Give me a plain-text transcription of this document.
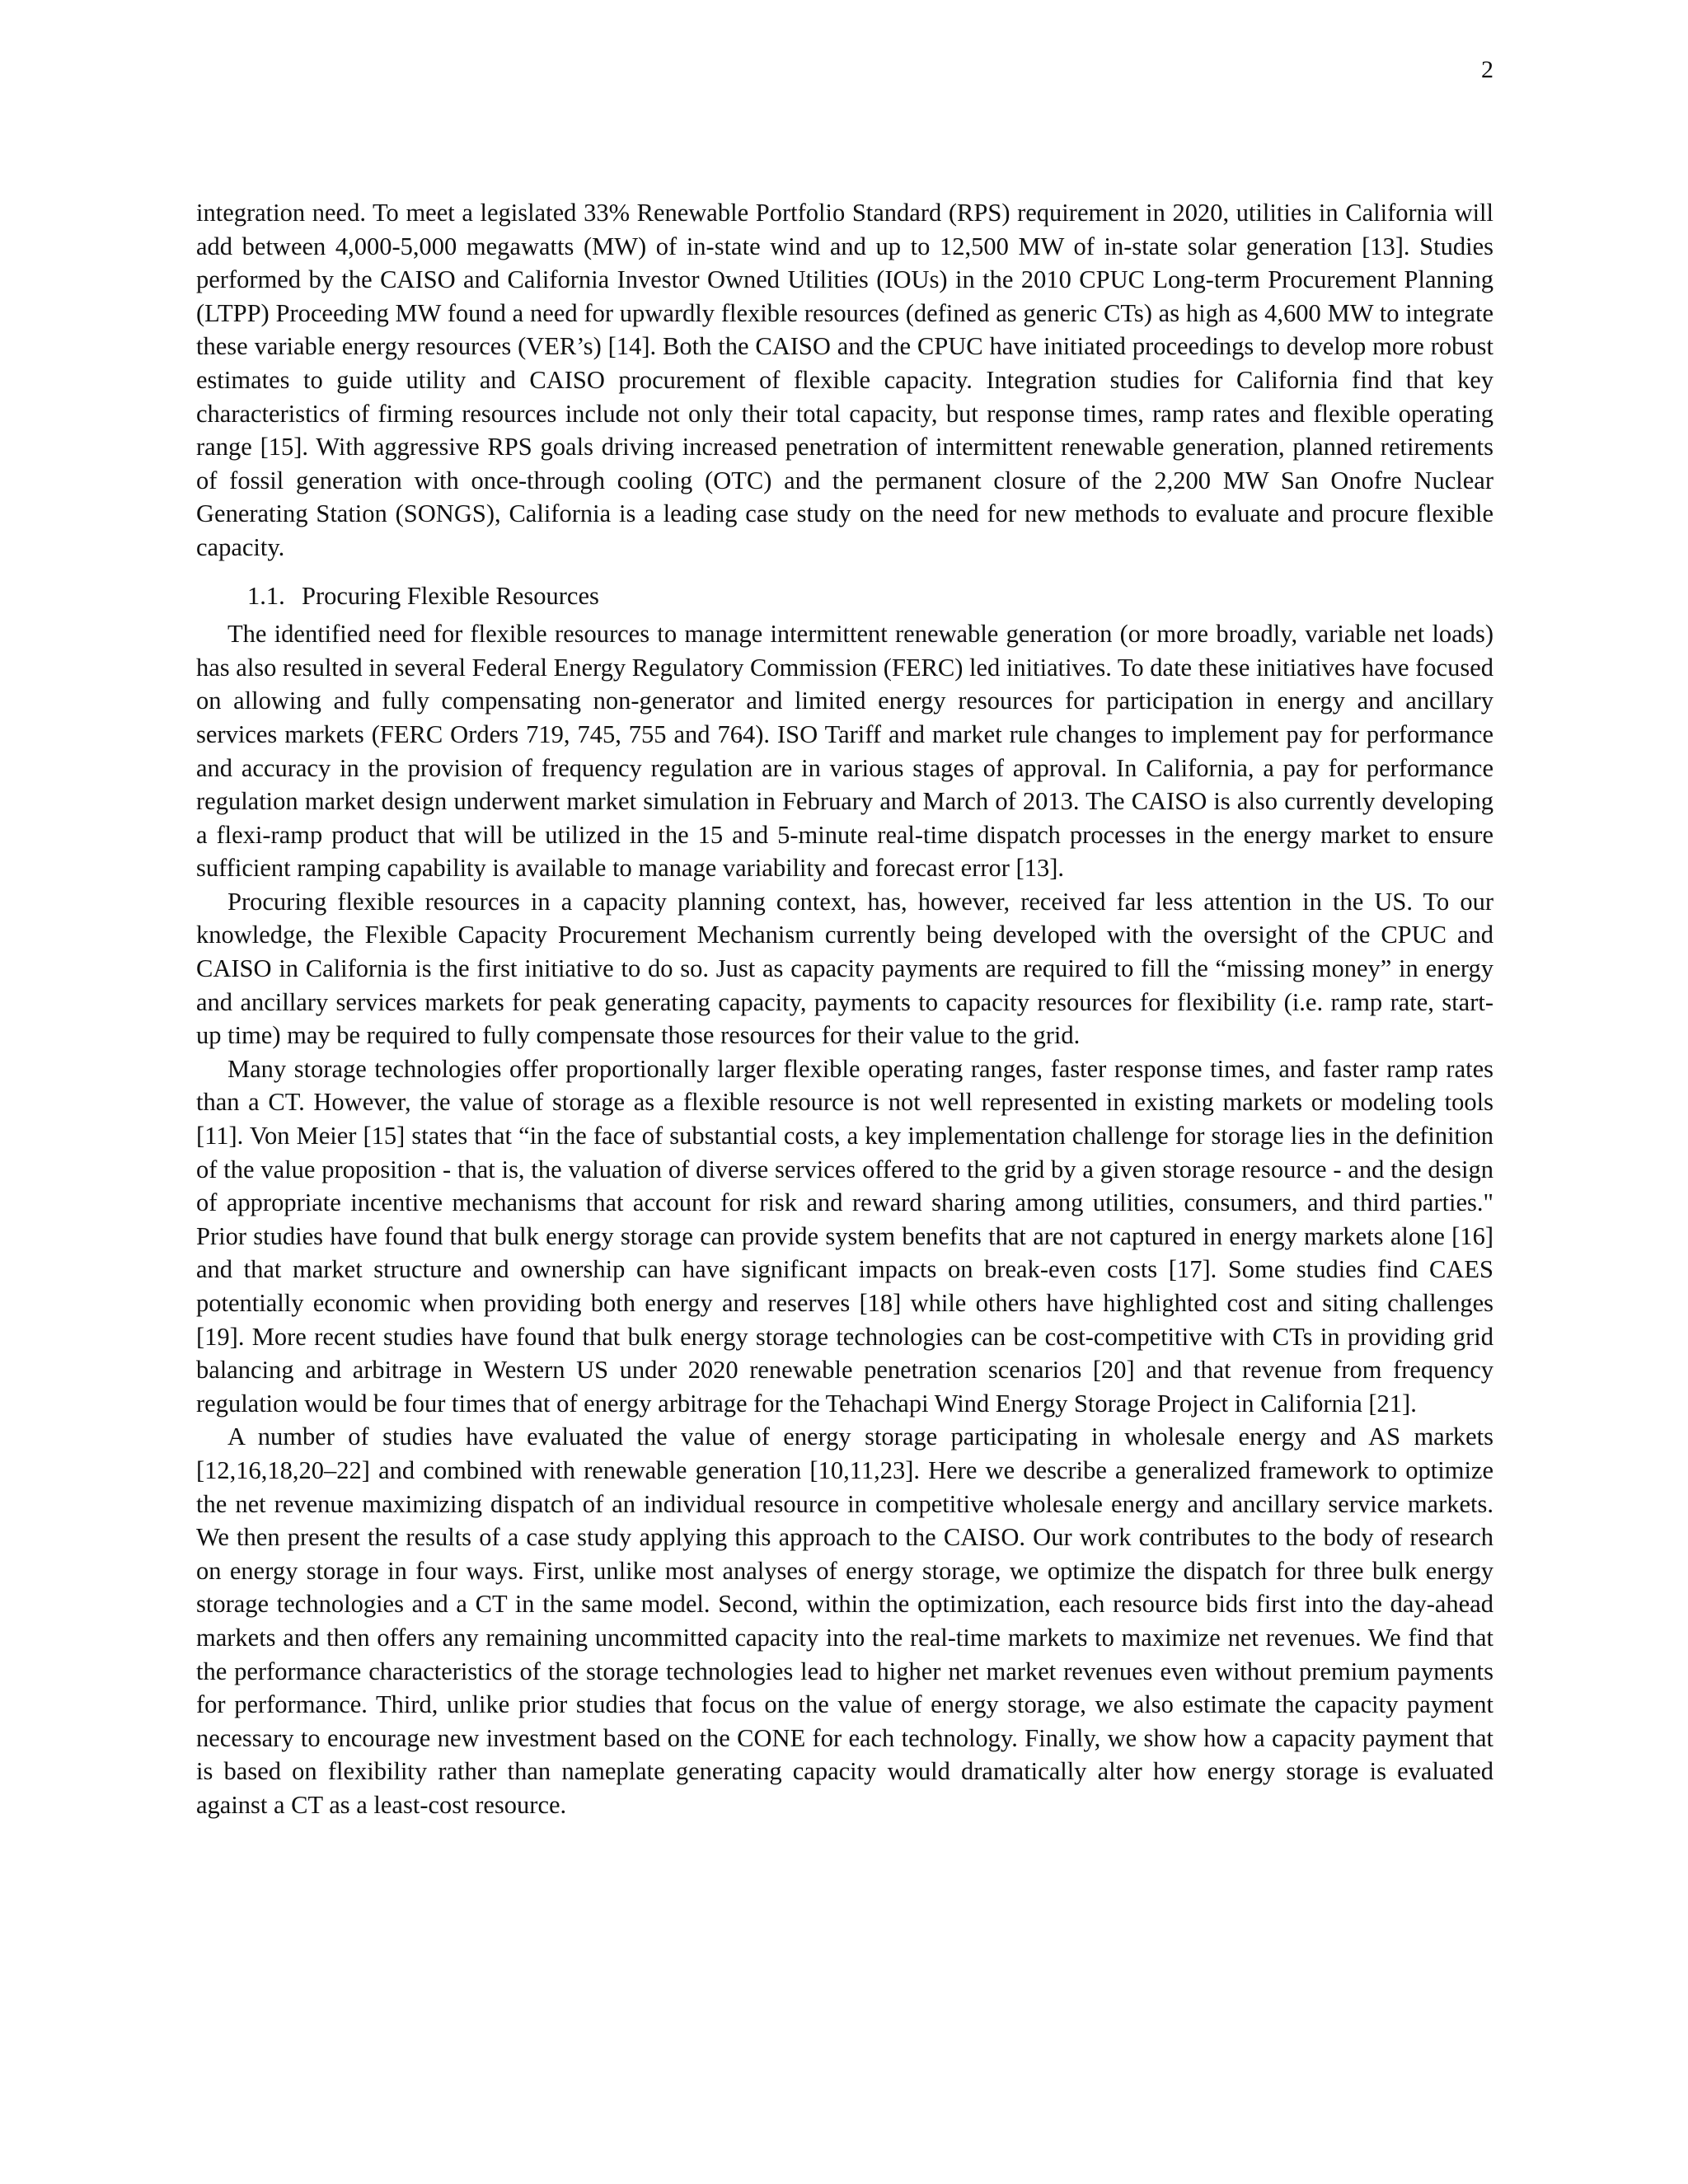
2

integration need. To meet a legislated 33% Renewable Portfolio Standard (RPS) requirement in 2020, utilities in California will add between 4,000-5,000 megawatts (MW) of in-state wind and up to 12,500 MW of in-state solar generation [13]. Studies performed by the CAISO and California Investor Owned Utilities (IOUs) in the 2010 CPUC Long-term Procurement Planning (LTPP) Proceeding MW found a need for upwardly flexible resources (defined as generic CTs) as high as 4,600 MW to integrate these variable energy resources (VER’s) [14]. Both the CAISO and the CPUC have initiated proceedings to develop more robust estimates to guide utility and CAISO procurement of flexible capacity. Integration studies for California find that key characteristics of firming resources include not only their total capacity, but response times, ramp rates and flexible operating range [15]. With aggressive RPS goals driving increased penetration of intermittent renewable generation, planned retirements of fossil generation with once-through cooling (OTC) and the permanent closure of the 2,200 MW San Onofre Nuclear Generating Station (SONGS), California is a leading case study on the need for new methods to evaluate and procure flexible capacity.

1.1. Procuring Flexible Resources

The identified need for flexible resources to manage intermittent renewable generation (or more broadly, variable net loads) has also resulted in several Federal Energy Regulatory Commission (FERC) led initiatives. To date these initiatives have focused on allowing and fully compensating non-generator and limited energy resources for participation in energy and ancillary services markets (FERC Orders 719, 745, 755 and 764). ISO Tariff and market rule changes to implement pay for performance and accuracy in the provision of frequency regulation are in various stages of approval. In California, a pay for performance regulation market design underwent market simulation in February and March of 2013. The CAISO is also currently developing a flexi-ramp product that will be utilized in the 15 and 5-minute real-time dispatch processes in the energy market to ensure sufficient ramping capability is available to manage variability and forecast error [13].

Procuring flexible resources in a capacity planning context, has, however, received far less attention in the US. To our knowledge, the Flexible Capacity Procurement Mechanism currently being developed with the oversight of the CPUC and CAISO in California is the first initiative to do so. Just as capacity payments are required to fill the “missing money” in energy and ancillary services markets for peak generating capacity, payments to capacity resources for flexibility (i.e. ramp rate, start-up time) may be required to fully compensate those resources for their value to the grid.

Many storage technologies offer proportionally larger flexible operating ranges, faster response times, and faster ramp rates than a CT. However, the value of storage as a flexible resource is not well represented in existing markets or modeling tools [11]. Von Meier [15] states that “in the face of substantial costs, a key implementation challenge for storage lies in the definition of the value proposition - that is, the valuation of diverse services offered to the grid by a given storage resource - and the design of appropriate incentive mechanisms that account for risk and reward sharing among utilities, consumers, and third parties." Prior studies have found that bulk energy storage can provide system benefits that are not captured in energy markets alone [16] and that market structure and ownership can have significant impacts on break-even costs [17]. Some studies find CAES potentially economic when providing both energy and reserves [18] while others have highlighted cost and siting challenges [19]. More recent studies have found that bulk energy storage technologies can be cost-competitive with CTs in providing grid balancing and arbitrage in Western US under 2020 renewable penetration scenarios [20] and that revenue from frequency regulation would be four times that of energy arbitrage for the Tehachapi Wind Energy Storage Project in California [21].

A number of studies have evaluated the value of energy storage participating in wholesale energy and AS markets [12,16,18,20–22] and combined with renewable generation [10,11,23]. Here we describe a generalized framework to optimize the net revenue maximizing dispatch of an individual resource in competitive wholesale energy and ancillary service markets. We then present the results of a case study applying this approach to the CAISO. Our work contributes to the body of research on energy storage in four ways. First, unlike most analyses of energy storage, we optimize the dispatch for three bulk energy storage technologies and a CT in the same model. Second, within the optimization, each resource bids first into the day-ahead markets and then offers any remaining uncommitted capacity into the real-time markets to maximize net revenues. We find that the performance characteristics of the storage technologies lead to higher net market revenues even without premium payments for performance. Third, unlike prior studies that focus on the value of energy storage, we also estimate the capacity payment necessary to encourage new investment based on the CONE for each technology. Finally, we show how a capacity payment that is based on flexibility rather than nameplate generating capacity would dramatically alter how energy storage is evaluated against a CT as a least-cost resource.
